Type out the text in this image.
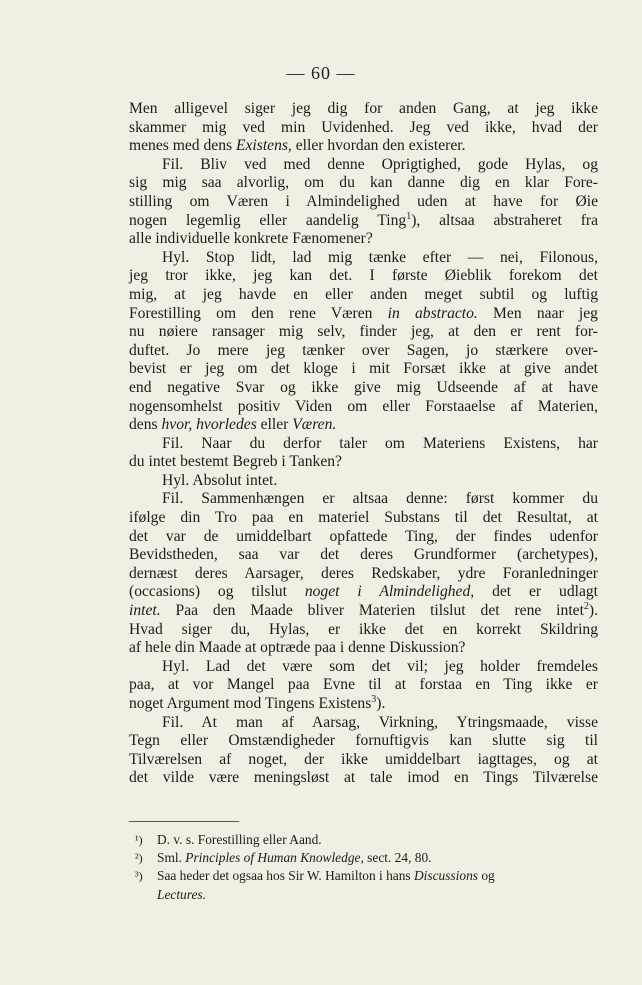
— 60 —
Men alligevel siger jeg dig for anden Gang, at jeg ikke
skammer mig ved min Uvidenhed. Jeg ved ikke, hvad der
menes med dens Existens, eller hvordan den existerer.
Fil. Bliv ved med denne Oprigtighed, gode Hylas, og
sig mig saa alvorlig, om du kan danne dig en klar Fore-
stilling om Væren i Almindelighed uden at have for Øie
nogen legemlig eller aandelig Ting$^1$), altsaa abstraheret fra
alle individuelle konkrete Fænomener?
Hyl. Stop lidt, lad mig tænke efter — nei, Filonous,
jeg tror ikke, jeg kan det. I første Øieblik forekom det
mig, at jeg havde en eller anden meget subtil og luftig
Forestilling om den rene Væren in abstracto. Men naar jeg
nu nøiere ransager mig selv, finder jeg, at den er rent for-
duftet. Jo mere jeg tænker over Sagen, jo stærkere over-
bevist er jeg om det kloge i mit Forsæt ikke at give andet
end negative Svar og ikke give mig Udseende af at have
nogensomhelst positiv Viden om eller Forstaaelse af Materien,
dens hvor, hvorledes eller Væren.
Fil. Naar du derfor taler om Materiens Existens, har
du intet bestemt Begreb i Tanken?
Hyl. Absolut intet.
Fil. Sammenhængen er altsaa denne: først kommer du
ifølge din Tro paa en materiel Substans til det Resultat, at
det var de umiddelbart opfattede Ting, der findes udenfor
Bevidstheden, saa var det deres Grundformer (archetypes),
dernæst deres Aarsager, deres Redskaber, ydre Foranledninger
(occasions) og tilslut noget i Almindelighed, det er udlagt
intet. Paa den Maade bliver Materien tilslut det rene intet$^2$).
Hvad siger du, Hylas, er ikke det en korrekt Skildring
af hele din Maade at optræde paa i denne Diskussion?
Hyl. Lad det være som det vil; jeg holder fremdeles
paa, at vor Mangel paa Evne til at forstaa en Ting ikke er
noget Argument mod Tingens Existens$^3$).
Fil. At man af Aarsag, Virkning, Ytringsmaade, visse
Tegn eller Omstændigheder fornuftigvis kan slutte sig til
Tilværelsen af noget, der ikke umiddelbart iagttages, og at
det vilde være meningsløst at tale imod en Tings Tilværelse
¹) D. v. s. Forestilling eller Aand.
²) Sml. Principles of Human Knowledge, sect. 24, 80.
³) Saa heder det ogsaa hos Sir W. Hamilton i hans Discussions og
Lectures.
